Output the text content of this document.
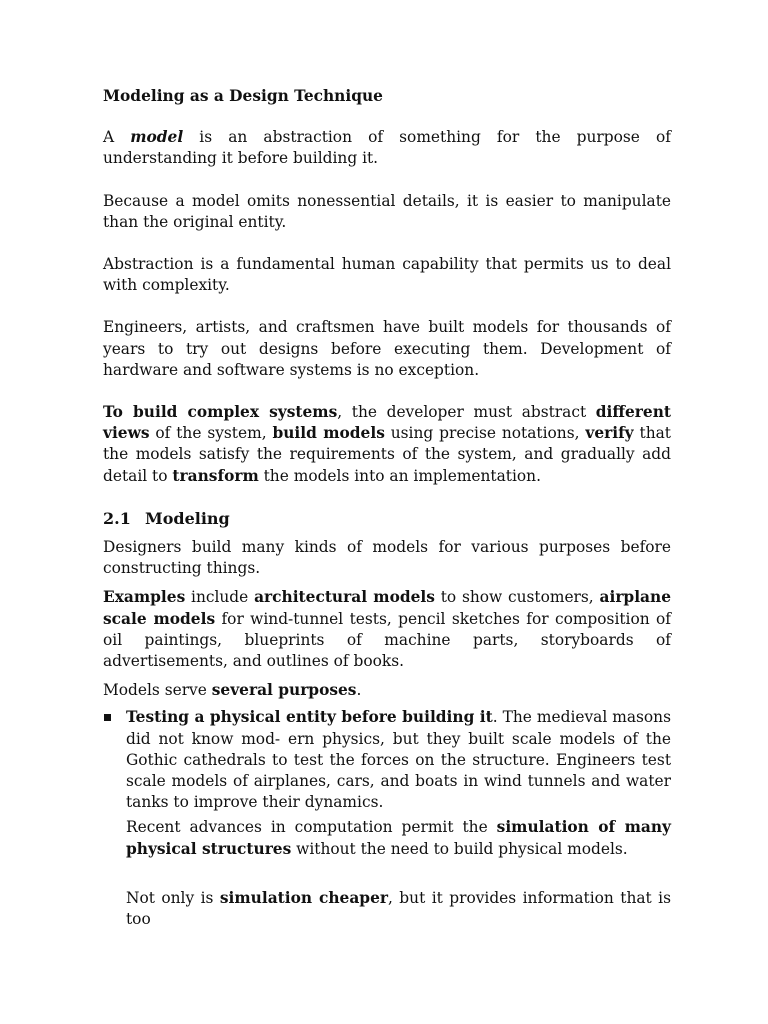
Modeling as a Design Technique

A model is an abstraction of something for the purpose of understanding it before building it.

Because a model omits nonessential details, it is easier to manipulate than the original entity.

Abstraction is a fundamental human capability that permits us to deal with complexity.

Engineers, artists, and craftsmen have built models for thousands of years to try out designs before executing them. Development of hardware and software systems is no exception.

To build complex systems, the developer must abstract different views of the system, build models using precise notations, verify that the models satisfy the requirements of the system, and gradually add detail to transform the models into an implementation.

2.1 Modeling

Designers build many kinds of models for various purposes before constructing things.

Examples include architectural models to show customers, airplane scale models for wind-tunnel tests, pencil sketches for composition of oil paintings, blueprints of machine parts, storyboards of advertisements, and outlines of books.

Models serve several purposes.

Testing a physical entity before building it. The medieval masons did not know mod- ern physics, but they built scale models of the Gothic cathedrals to test the forces on the structure. Engineers test scale models of airplanes, cars, and boats in wind tunnels and water tanks to improve their dynamics.

Recent advances in computation permit the simulation of many physical structures without the need to build physical models.

Not only is simulation cheaper, but it provides information that is too
